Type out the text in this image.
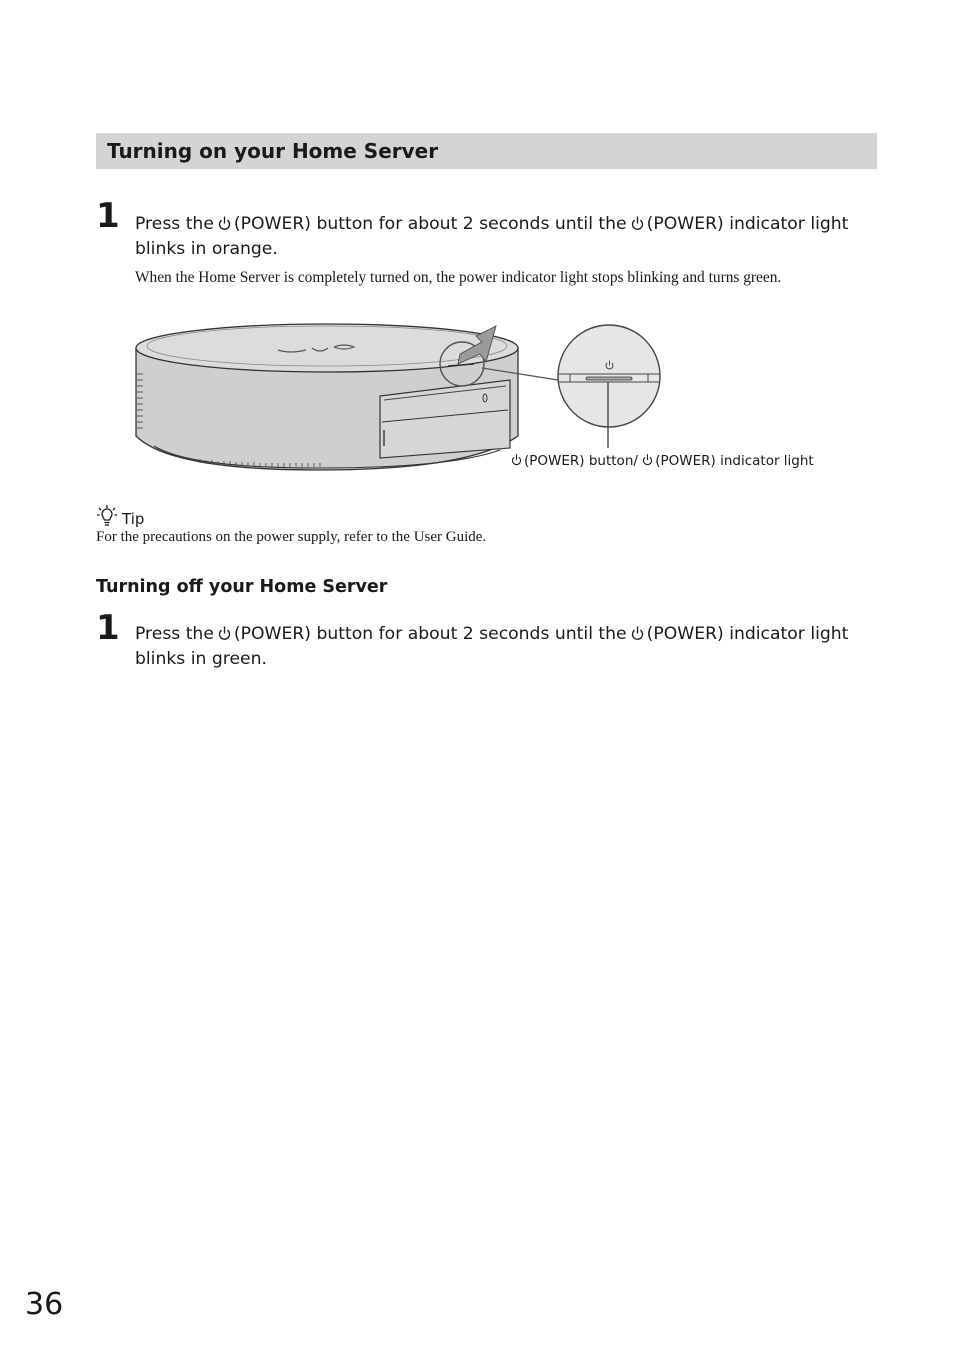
Turning on your Home Server
1 Press the (POWER) button for about 2 seconds until the (POWER) indicator light blinks in orange.
When the Home Server is completely turned on, the power indicator light stops blinking and turns green.
(POWER) button/ (POWER) indicator light
Tip
For the precautions on the power supply, refer to the User Guide.
Turning off your Home Server
1 Press the (POWER) button for about 2 seconds until the (POWER) indicator light blinks in green.
36
